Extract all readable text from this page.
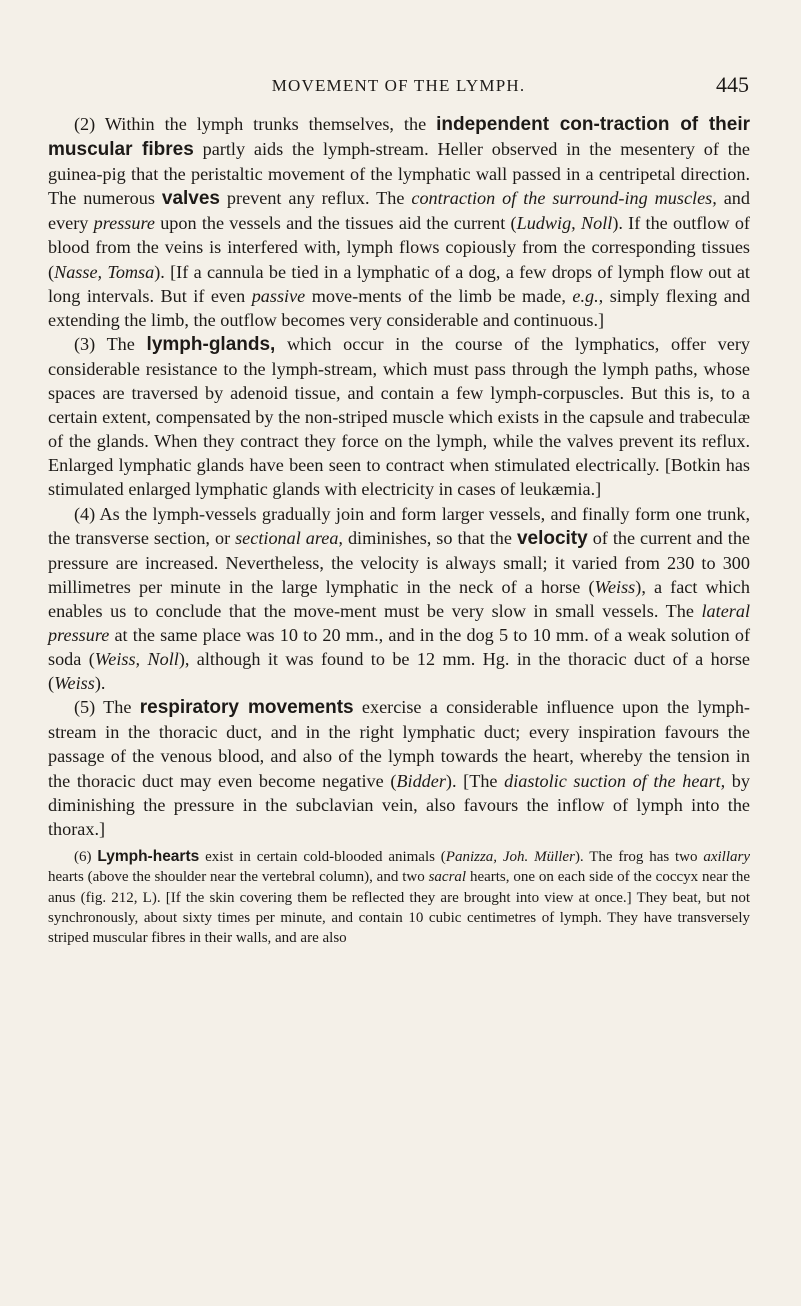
MOVEMENT OF THE LYMPH.	445

(2) Within the lymph trunks themselves, the independent con-traction of their muscular fibres partly aids the lymph-stream. Heller observed in the mesentery of the guinea-pig that the peristaltic movement of the lymphatic wall passed in a centripetal direction. The numerous valves prevent any reflux. The contraction of the surround-ing muscles, and every pressure upon the vessels and the tissues aid the current (Ludwig, Noll). If the outflow of blood from the veins is interfered with, lymph flows copiously from the corresponding tissues (Nasse, Tomsa). [If a cannula be tied in a lymphatic of a dog, a few drops of lymph flow out at long intervals. But if even passive move-ments of the limb be made, e.g., simply flexing and extending the limb, the outflow becomes very considerable and continuous.]

(3) The lymph-glands, which occur in the course of the lymphatics, offer very considerable resistance to the lymph-stream, which must pass through the lymph paths, whose spaces are traversed by adenoid tissue, and contain a few lymph-corpuscles. But this is, to a certain extent, compensated by the non-striped muscle which exists in the capsule and trabeculæ of the glands. When they contract they force on the lymph, while the valves prevent its reflux. Enlarged lymphatic glands have been seen to contract when stimulated electrically. [Botkin has stimulated enlarged lymphatic glands with electricity in cases of leukæmia.]

(4) As the lymph-vessels gradually join and form larger vessels, and finally form one trunk, the transverse section, or sectional area, diminishes, so that the velocity of the current and the pressure are increased. Nevertheless, the velocity is always small; it varied from 230 to 300 millimetres per minute in the large lymphatic in the neck of a horse (Weiss), a fact which enables us to conclude that the move-ment must be very slow in small vessels. The lateral pressure at the same place was 10 to 20 mm., and in the dog 5 to 10 mm. of a weak solution of soda (Weiss, Noll), although it was found to be 12 mm. Hg. in the thoracic duct of a horse (Weiss).

(5) The respiratory movements exercise a considerable influence upon the lymph-stream in the thoracic duct, and in the right lymphatic duct; every inspiration favours the passage of the venous blood, and also of the lymph towards the heart, whereby the tension in the thoracic duct may even become negative (Bidder). [The diastolic suction of the heart, by diminishing the pressure in the subclavian vein, also favours the inflow of lymph into the thorax.]

(6) Lymph-hearts exist in certain cold-blooded animals (Panizza, Joh. Müller). The frog has two axillary hearts (above the shoulder near the vertebral column), and two sacral hearts, one on each side of the coccyx near the anus (fig. 212, L). [If the skin covering them be reflected they are brought into view at once.] They beat, but not synchronously, about sixty times per minute, and contain 10 cubic centimetres of lymph. They have transversely striped muscular fibres in their walls, and are also
